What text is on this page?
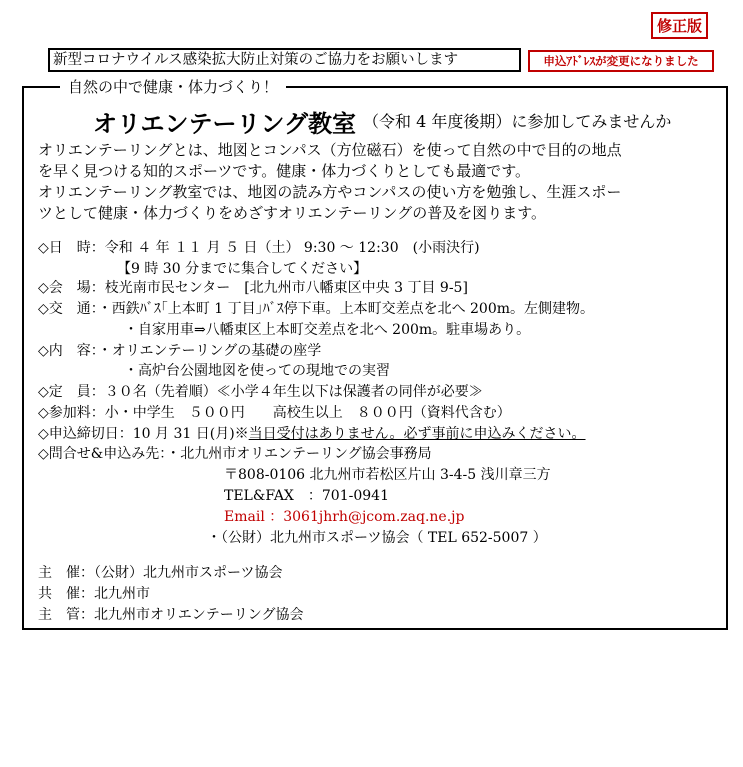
修正版
新型コロナウイルス感染拡大防止対策のご協力をお願いします	申込ｱﾄﾞﾚｽが変更になりました
自然の中で健康・体力づくり！
オリエンテーリング教室 （令和 4 年度後期）に参加してみませんか
オリエンテーリングとは、地図とコンパス（方位磁石）を使って自然の中で目的の地点
を早く見つける知的スポーツです。健康・体力づくりとしても最適です。
オリエンテーリング教室では、地図の読み方やコンパスの使い方を勉強し、生涯スポー
ツとして健康・体力づくりをめざすオリエンテーリングの普及を図ります。
◇日　時：令和 ４ 年 １１ 月 ５ 日（土） 9:30 ～ 12:30　(小雨決行)
【9 時 30 分までに集合してください】
◇会　場：枝光南市民センター　[北九州市八幡東区中央 3 丁目 9-5]
◇交　通：・西鉄ﾊﾞｽ｢上本町 1 丁目｣ﾊﾞｽ停下車。上本町交差点を北へ 200m。左側建物。
・自家用車⇒八幡東区上本町交差点を北へ 200m。駐車場あり。
◇内　容：・オリエンテーリングの基礎の座学
・高炉台公園地図を使っての現地での実習
◇定　員：３０名（先着順）≪小学４年生以下は保護者の同伴が必要≫
◇参加料：小・中学生　５００円　　高校生以上　８００円（資料代含む）
◇申込締切日：10 月 31 日(月)※当日受付はありません。必ず事前に申込みください。
◇問合せ&申込み先：・北九州市オリエンテーリング協会事務局
〒808-0106 北九州市若松区片山 3-4-5 浅川章三方
TEL&FAX　：701-0941
Email ：3061jhrh@jcom.zaq.ne.jp
・（公財）北九州市スポーツ協会（ TEL 652-5007 ）
主　催：（公財）北九州市スポーツ協会
共　催：北九州市
主　管：北九州市オリエンテーリング協会
